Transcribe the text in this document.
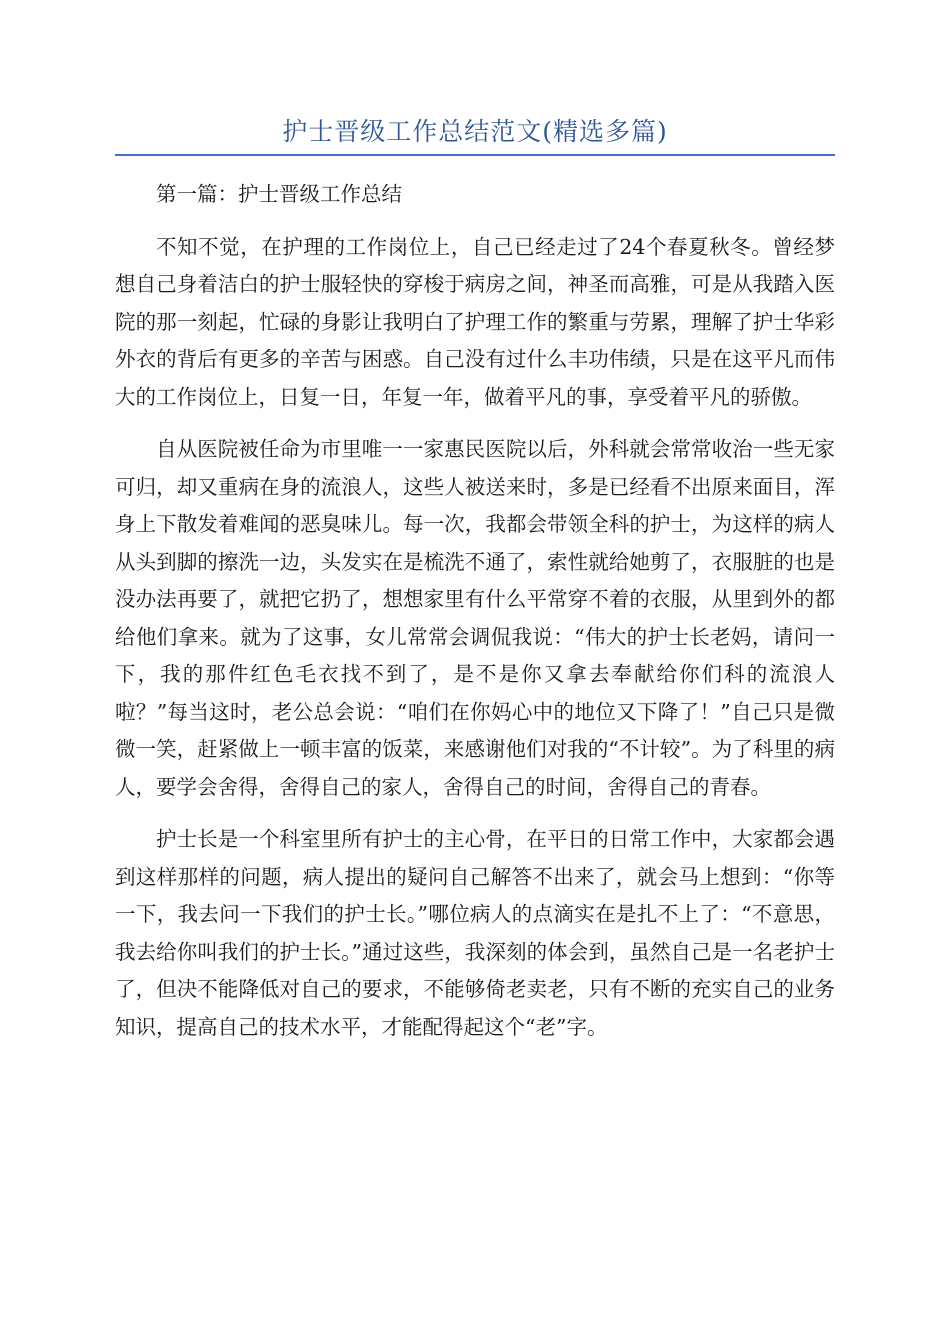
护士晋级工作总结范文(精选多篇)

第一篇：护士晋级工作总结

不知不觉，在护理的工作岗位上，自己已经走过了24个春夏秋冬。曾经梦想自己身着洁白的护士服轻快的穿梭于病房之间，神圣而高雅，可是从我踏入医院的那一刻起，忙碌的身影让我明白了护理工作的繁重与劳累，理解了护士华彩外衣的背后有更多的辛苦与困惑。自己没有过什么丰功伟绩，只是在这平凡而伟大的工作岗位上，日复一日，年复一年，做着平凡的事，享受着平凡的骄傲。

自从医院被任命为市里唯一一家惠民医院以后，外科就会常常收治一些无家可归，却又重病在身的流浪人，这些人被送来时，多是已经看不出原来面目，浑身上下散发着难闻的恶臭味儿。每一次，我都会带领全科的护士，为这样的病人从头到脚的擦洗一边，头发实在是梳洗不通了，索性就给她剪了，衣服脏的也是没办法再要了，就把它扔了，想想家里有什么平常穿不着的衣服，从里到外的都给他们拿来。就为了这事，女儿常常会调侃我说：“伟大的护士长老妈，请问一下，我的那件红色毛衣找不到了，是不是你又拿去奉献给你们科的流浪人啦？”每当这时，老公总会说：“咱们在你妈心中的地位又下降了！”自己只是微微一笑，赶紧做上一顿丰富的饭菜，来感谢他们对我的“不计较”。为了科里的病人，要学会舍得，舍得自己的家人，舍得自己的时间，舍得自己的青春。

护士长是一个科室里所有护士的主心骨，在平日的日常工作中，大家都会遇到这样那样的问题，病人提出的疑问自己解答不出来了，就会马上想到：“你等一下，我去问一下我们的护士长。”哪位病人的点滴实在是扎不上了：“不意思，我去给你叫我们的护士长。”通过这些，我深刻的体会到，虽然自己是一名老护士了，但决不能降低对自己的要求，不能够倚老卖老，只有不断的充实自己的业务知识，提高自己的技术水平，才能配得起这个“老”字。
